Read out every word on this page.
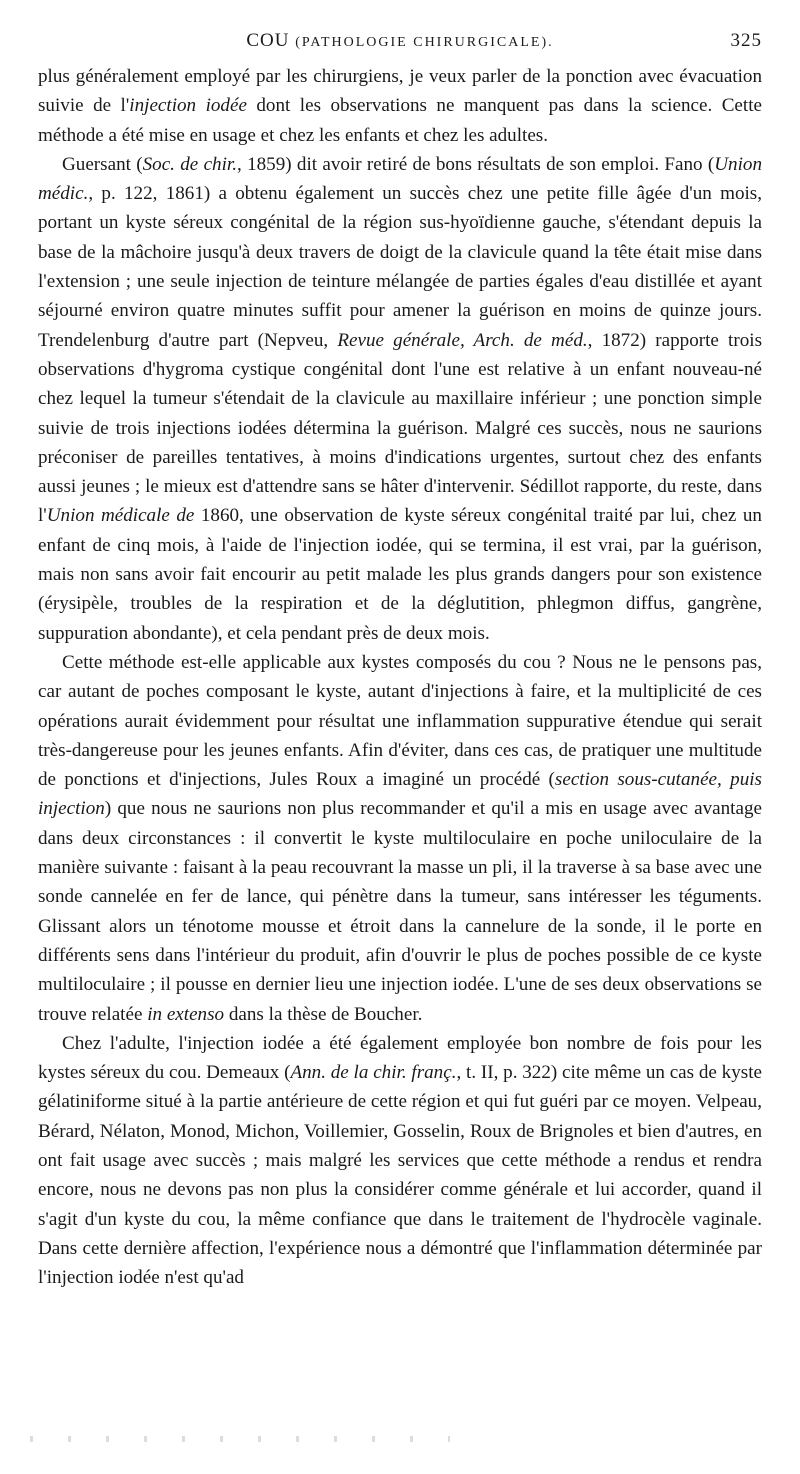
COU (PATHOLOGIE CHIRURGICALE).	325

plus généralement employé par les chirurgiens, je veux parler de la ponction avec évacuation suivie de l'injection iodée dont les observations ne manquent pas dans la science. Cette méthode a été mise en usage et chez les enfants et chez les adultes.

Guersant (Soc. de chir., 1859) dit avoir retiré de bons résultats de son emploi. Fano (Union médic., p. 122, 1861) a obtenu également un succès chez une petite fille âgée d'un mois, portant un kyste séreux congénital de la région sus-hyoïdienne gauche, s'étendant depuis la base de la mâchoire jusqu'à deux travers de doigt de la clavicule quand la tête était mise dans l'extension ; une seule injection de teinture mélangée de parties égales d'eau distillée et ayant séjourné environ quatre minutes suffit pour amener la guérison en moins de quinze jours. Trendelenburg d'autre part (Nepveu, Revue générale, Arch. de méd., 1872) rapporte trois observations d'hygroma cystique congénital dont l'une est relative à un enfant nouveau-né chez lequel la tumeur s'étendait de la clavicule au maxillaire inférieur ; une ponction simple suivie de trois injections iodées détermina la guérison. Malgré ces succès, nous ne saurions préconiser de pareilles tentatives, à moins d'indications urgentes, surtout chez des enfants aussi jeunes ; le mieux est d'attendre sans se hâter d'intervenir. Sédillot rapporte, du reste, dans l'Union médicale de 1860, une observation de kyste séreux congénital traité par lui, chez un enfant de cinq mois, à l'aide de l'injection iodée, qui se termina, il est vrai, par la guérison, mais non sans avoir fait encourir au petit malade les plus grands dangers pour son existence (érysipèle, troubles de la respiration et de la déglutition, phlegmon diffus, gangrène, suppuration abondante), et cela pendant près de deux mois.

Cette méthode est-elle applicable aux kystes composés du cou ? Nous ne le pensons pas, car autant de poches composant le kyste, autant d'injections à faire, et la multiplicité de ces opérations aurait évidemment pour résultat une inflammation suppurative étendue qui serait très-dangereuse pour les jeunes enfants. Afin d'éviter, dans ces cas, de pratiquer une multitude de ponctions et d'injections, Jules Roux a imaginé un procédé (section sous-cutanée, puis injection) que nous ne saurions non plus recommander et qu'il a mis en usage avec avantage dans deux circonstances : il convertit le kyste multiloculaire en poche uniloculaire de la manière suivante : faisant à la peau recouvrant la masse un pli, il la traverse à sa base avec une sonde cannelée en fer de lance, qui pénètre dans la tumeur, sans intéresser les téguments. Glissant alors un ténotome mousse et étroit dans la cannelure de la sonde, il le porte en différents sens dans l'intérieur du produit, afin d'ouvrir le plus de poches possible de ce kyste multiloculaire ; il pousse en dernier lieu une injection iodée. L'une de ses deux observations se trouve relatée in extenso dans la thèse de Boucher.

Chez l'adulte, l'injection iodée a été également employée bon nombre de fois pour les kystes séreux du cou. Demeaux (Ann. de la chir. franç., t. II, p. 322) cite même un cas de kyste gélatiniforme situé à la partie antérieure de cette région et qui fut guéri par ce moyen. Velpeau, Bérard, Nélaton, Monod, Michon, Voillemier, Gosselin, Roux de Brignoles et bien d'autres, en ont fait usage avec succès ; mais malgré les services que cette méthode a rendus et rendra encore, nous ne devons pas non plus la considérer comme générale et lui accorder, quand il s'agit d'un kyste du cou, la même confiance que dans le traitement de l'hydrocèle vaginale. Dans cette dernière affection, l'expérience nous a démontré que l'inflammation déterminée par l'injection iodée n'est qu'ad
